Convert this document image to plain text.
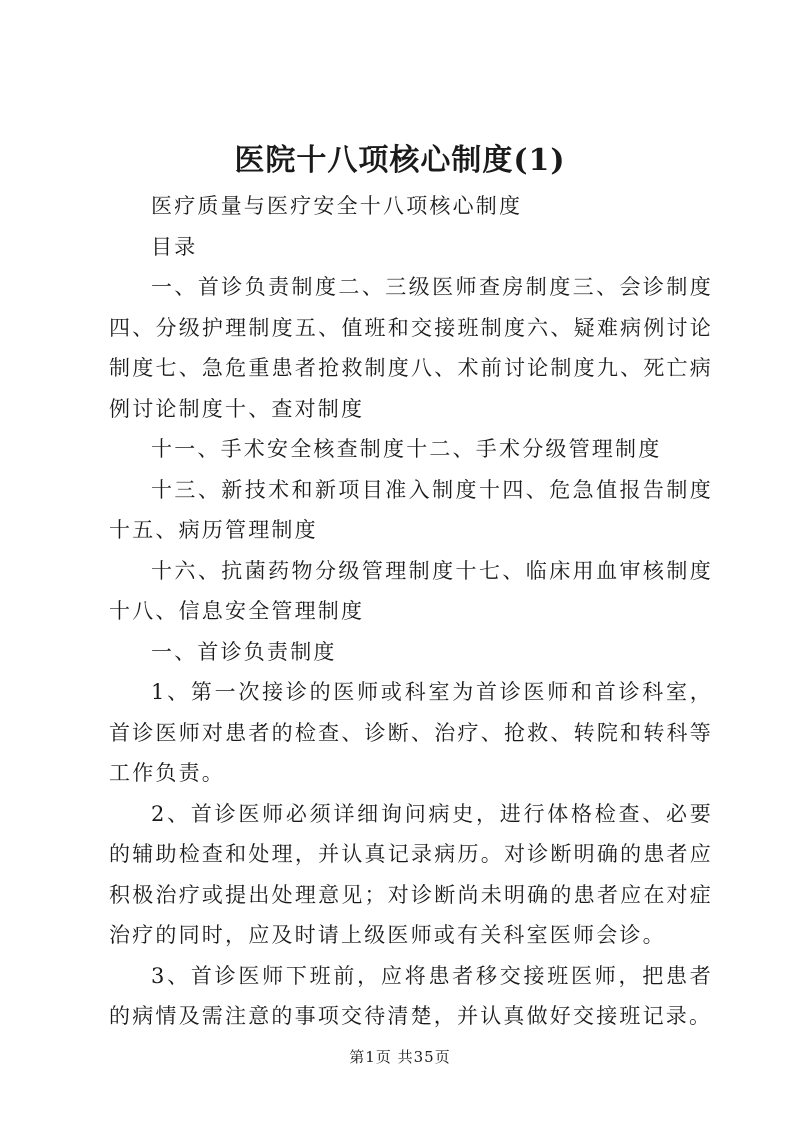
医院十八项核心制度(1)

医疗质量与医疗安全十八项核心制度

目录

一、首诊负责制度二、三级医师查房制度三、会诊制度四、分级护理制度五、值班和交接班制度六、疑难病例讨论制度七、急危重患者抢救制度八、术前讨论制度九、死亡病例讨论制度十、查对制度

十一、手术安全核查制度十二、手术分级管理制度

十三、新技术和新项目准入制度十四、危急值报告制度十五、病历管理制度

十六、抗菌药物分级管理制度十七、临床用血审核制度十八、信息安全管理制度

一、首诊负责制度

1、第一次接诊的医师或科室为首诊医师和首诊科室，首诊医师对患者的检查、诊断、治疗、抢救、转院和转科等工作负责。

2、首诊医师必须详细询问病史，进行体格检查、必要的辅助检查和处理，并认真记录病历。对诊断明确的患者应积极治疗或提出处理意见；对诊断尚未明确的患者应在对症治疗的同时，应及时请上级医师或有关科室医师会诊。

3、首诊医师下班前，应将患者移交接班医师，把患者的病情及需注意的事项交待清楚，并认真做好交接班记录。

第1页 共35页
